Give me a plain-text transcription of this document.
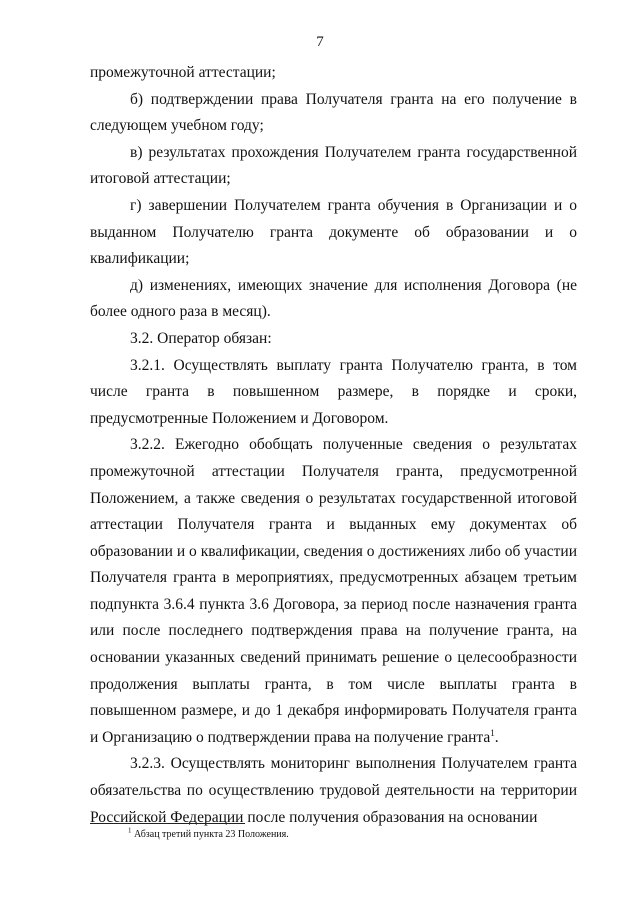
7

промежуточной аттестации;

б) подтверждении права Получателя гранта на его получение в следующем учебном году;

в) результатах прохождения Получателем гранта государственной итоговой аттестации;

г) завершении Получателем гранта обучения в Организации и о выданном Получателю гранта документе об образовании и о квалификации;

д) изменениях, имеющих значение для исполнения Договора (не более одного раза в месяц).

3.2. Оператор обязан:

3.2.1. Осуществлять выплату гранта Получателю гранта, в том числе гранта в повышенном размере, в порядке и сроки, предусмотренные Положением и Договором.

3.2.2. Ежегодно обобщать полученные сведения о результатах промежуточной аттестации Получателя гранта, предусмотренной Положением, а также сведения о результатах государственной итоговой аттестации Получателя гранта и выданных ему документах об образовании и о квалификации, сведения о достижениях либо об участии Получателя гранта в мероприятиях, предусмотренных абзацем третьим подпункта 3.6.4 пункта 3.6 Договора, за период после назначения гранта или после последнего подтверждения права на получение гранта, на основании указанных сведений принимать решение о целесообразности продолжения выплаты гранта, в том числе выплаты гранта в повышенном размере, и до 1 декабря информировать Получателя гранта и Организацию о подтверждении права на получение гранта$^1$.

3.2.3. Осуществлять мониторинг выполнения Получателем гранта обязательства по осуществлению трудовой деятельности на территории Российской Федерации после получения образования на основании

$^1$ Абзац третий пункта 23 Положения.
